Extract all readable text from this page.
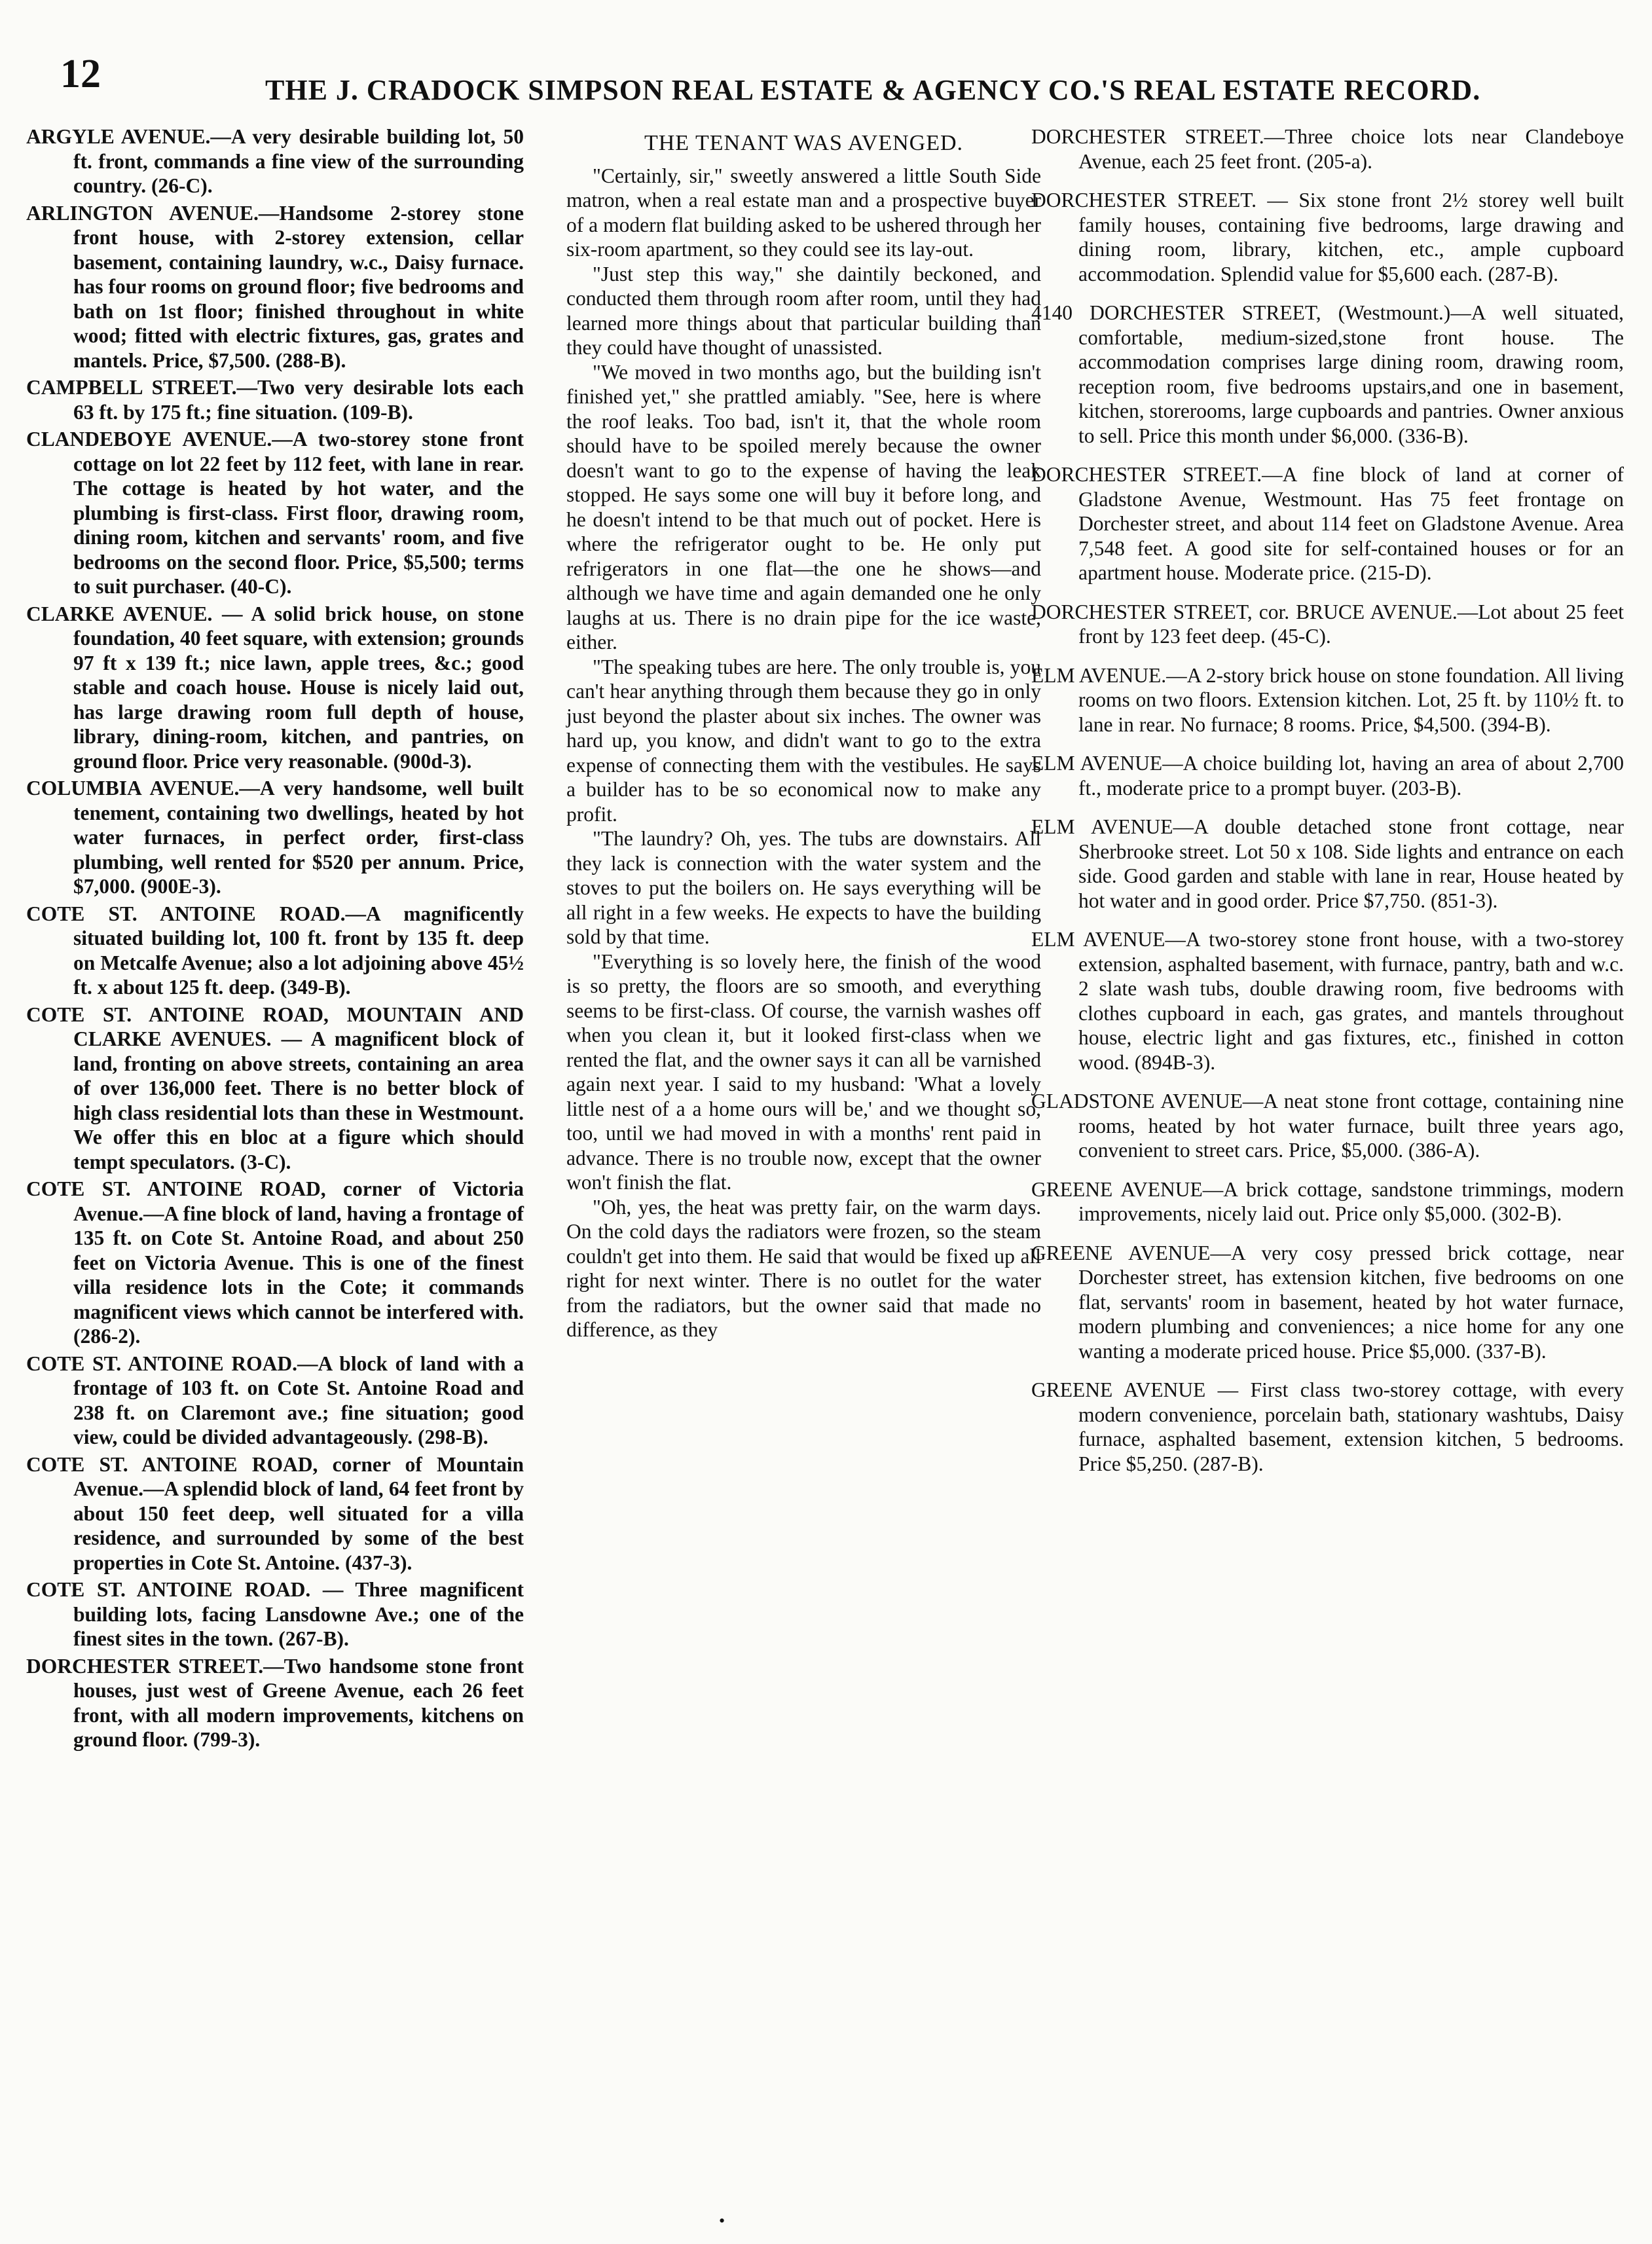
12	THE J. CRADOCK SIMPSON REAL ESTATE & AGENCY CO.'S REAL ESTATE RECORD.
ARGYLE AVENUE.—A very desirable building lot, 50 ft. front, commands a fine view of the surrounding country. (26-C).
ARLINGTON AVENUE.—Handsome 2-storey stone front house, with 2-storey extension, cellar basement, containing laundry, w.c., Daisy furnace. has four rooms on ground floor; five bedrooms and bath on 1st floor; finished throughout in white wood; fitted with electric fixtures, gas, grates and mantels. Price, $7,500. (288-B).
CAMPBELL STREET.—Two very desirable lots each 63 ft. by 175 ft.; fine situation. (109-B).
CLANDEBOYE AVENUE.—A two-storey stone front cottage on lot 22 feet by 112 feet, with lane in rear. The cottage is heated by hot water, and the plumbing is first-class. First floor, drawing room, dining room, kitchen and servants' room, and five bedrooms on the second floor. Price, $5,500; terms to suit purchaser. (40-C).
CLARKE AVENUE. — A solid brick house, on stone foundation, 40 feet square, with extension; grounds 97 ft x 139 ft.; nice lawn, apple trees, &c.; good stable and coach house. House is nicely laid out, has large drawing room full depth of house, library, dining-room, kitchen, and pantries, on ground floor. Price very reasonable. (900d-3).
COLUMBIA AVENUE.—A very handsome, well built tenement, containing two dwellings, heated by hot water furnaces, in perfect order, first-class plumbing, well rented for $520 per annum. Price, $7,000. (900E-3).
COTE ST. ANTOINE ROAD.—A magnificently situated building lot, 100 ft. front by 135 ft. deep on Metcalfe Avenue; also a lot adjoining above 45½ ft. x about 125 ft. deep. (349-B).
COTE ST. ANTOINE ROAD, MOUNTAIN AND CLARKE AVENUES. — A magnificent block of land, fronting on above streets, containing an area of over 136,000 feet. There is no better block of high class residential lots than these in Westmount. We offer this en bloc at a figure which should tempt speculators. (3-C).
COTE ST. ANTOINE ROAD, corner of Victoria Avenue.—A fine block of land, having a frontage of 135 ft. on Cote St. Antoine Road, and about 250 feet on Victoria Avenue. This is one of the finest villa residence lots in the Cote; it commands magnificent views which cannot be interfered with. (286-2).
COTE ST. ANTOINE ROAD.—A block of land with a frontage of 103 ft. on Cote St. Antoine Road and 238 ft. on Claremont ave.; fine situation; good view, could be divided advantageously. (298-B).
COTE ST. ANTOINE ROAD, corner of Mountain Avenue.—A splendid block of land, 64 feet front by about 150 feet deep, well situated for a villa residence, and surrounded by some of the best properties in Cote St. Antoine. (437-3).
COTE ST. ANTOINE ROAD. — Three magnificent building lots, facing Lansdowne Ave.; one of the finest sites in the town. (267-B).
DORCHESTER STREET.—Two handsome stone front houses, just west of Greene Avenue, each 26 feet front, with all modern improvements, kitchens on ground floor. (799-3).
THE TENANT WAS AVENGED.

"Certainly, sir," sweetly answered a little South Side matron, when a real estate man and a prospective buyer of a modern flat building asked to be ushered through her six-room apartment, so they could see its lay-out.

"Just step this way," she daintily beckoned, and conducted them through room after room, until they had learned more things about that particular building than they could have thought of unassisted.

"We moved in two months ago, but the building isn't finished yet," she prattled amiably. "See, here is where the roof leaks. Too bad, isn't it, that the whole room should have to be spoiled merely because the owner doesn't want to go to the expense of having the leak stopped. He says some one will buy it before long, and he doesn't intend to be that much out of pocket. Here is where the refrigerator ought to be. He only put refrigerators in one flat—the one he shows—and although we have time and again demanded one he only laughs at us. There is no drain pipe for the ice waste, either.

"The speaking tubes are here. The only trouble is, you can't hear anything through them because they go in only just beyond the plaster about six inches. The owner was hard up, you know, and didn't want to go to the extra expense of connecting them with the vestibules. He says a builder has to be so economical now to make any profit.

"The laundry? Oh, yes. The tubs are downstairs. All they lack is connection with the water system and the stoves to put the boilers on. He says everything will be all right in a few weeks. He expects to have the building sold by that time.

"Everything is so lovely here, the finish of the wood is so pretty, the floors are so smooth, and everything seems to be first-class. Of course, the varnish washes off when you clean it, but it looked first-class when we rented the flat, and the owner says it can all be varnished again next year. I said to my husband: 'What a lovely little nest of a a home ours will be,' and we thought so, too, until we had moved in with a months' rent paid in advance. There is no trouble now, except that the owner won't finish the flat.

"Oh, yes, the heat was pretty fair, on the warm days. On the cold days the radiators were frozen, so the steam couldn't get into them. He said that would be fixed up all right for next winter. There is no outlet for the water from the radiators, but the owner said that made no difference, as they

DORCHESTER STREET.—Three choice lots near Clandeboye Avenue, each 25 feet front. (205-a).
DORCHESTER STREET. — Six stone front 2½ storey well built family houses, containing five bedrooms, large drawing and dining room, library, kitchen, etc., ample cupboard accommodation. Splendid value for $5,600 each. (287-B).
4140 DORCHESTER STREET, (Westmount.)—A well situated, comfortable, medium-sized,stone front house. The accommodation comprises large dining room, drawing room, reception room, five bedrooms upstairs,and one in basement, kitchen, storerooms, large cupboards and pantries. Owner anxious to sell. Price this month under $6,000. (336-B).
DORCHESTER STREET.—A fine block of land at corner of Gladstone Avenue, Westmount. Has 75 feet frontage on Dorchester street, and about 114 feet on Gladstone Avenue. Area 7,548 feet. A good site for self-contained houses or for an apartment house. Moderate price. (215-D).
DORCHESTER STREET, cor. BRUCE AVENUE.—Lot about 25 feet front by 123 feet deep. (45-C).
ELM AVENUE.—A 2-story brick house on stone foundation. All living rooms on two floors. Extension kitchen. Lot, 25 ft. by 110½ ft. to lane in rear. No furnace; 8 rooms. Price, $4,500. (394-B).
ELM AVENUE—A choice building lot, having an area of about 2,700 ft., moderate price to a prompt buyer. (203-B).
ELM AVENUE—A double detached stone front cottage, near Sherbrooke street. Lot 50 x 108. Side lights and entrance on each side. Good garden and stable with lane in rear, House heated by hot water and in good order. Price $7,750. (851-3).
ELM AVENUE—A two-storey stone front house, with a two-storey extension, asphalted basement, with furnace, pantry, bath and w.c. 2 slate wash tubs, double drawing room, five bedrooms with clothes cupboard in each, gas grates, and mantels throughout house, electric light and gas fixtures, etc., finished in cotton wood. (894B-3).
GLADSTONE AVENUE—A neat stone front cottage, containing nine rooms, heated by hot water furnace, built three years ago, convenient to street cars. Price, $5,000. (386-A).
GREENE AVENUE—A brick cottage, sandstone trimmings, modern improvements, nicely laid out. Price only $5,000. (302-B).
GREENE AVENUE—A very cosy pressed brick cottage, near Dorchester street, has extension kitchen, five bedrooms on one flat, servants' room in basement, heated by hot water furnace, modern plumbing and conveniences; a nice home for any one wanting a moderate priced house. Price $5,000. (337-B).
GREENE AVENUE — First class two-storey cottage, with every modern convenience, porcelain bath, stationary washtubs, Daisy furnace, asphalted basement, extension kitchen, 5 bedrooms. Price $5,250. (287-B).
•
